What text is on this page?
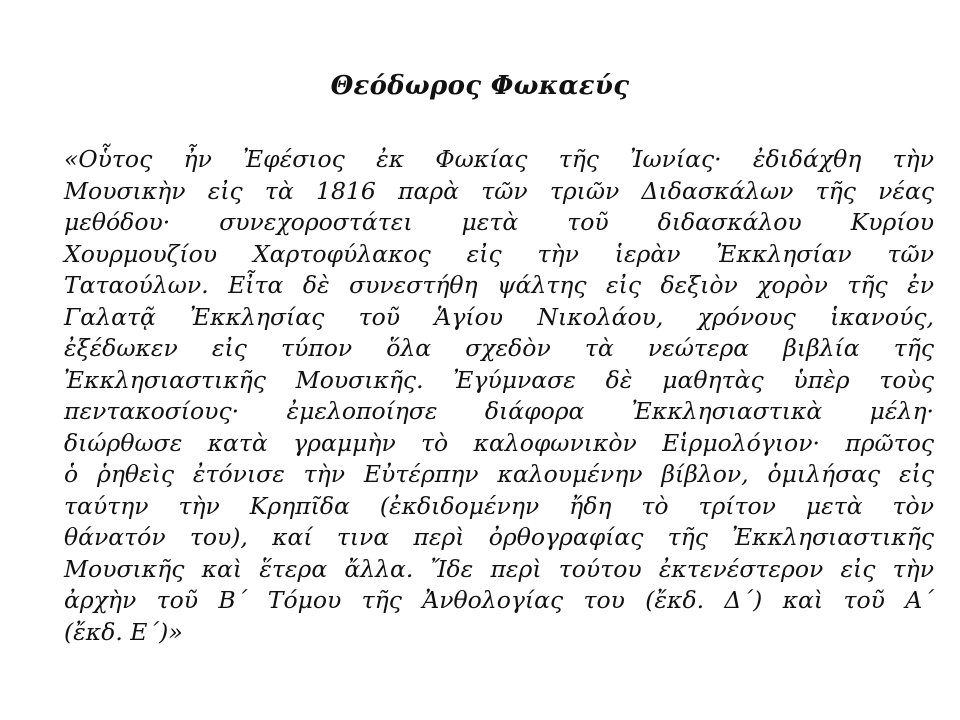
Θεόδωρος Φωκαεύς
«Οὗτος ἦν Ἐφέσιος ἐκ Φωκίας τῆς Ἰωνίας· ἐδιδάχθη τὴν
Μουσικὴν εἰς τὰ 1816 παρὰ τῶν τριῶν Διδασκάλων τῆς νέας
μεθόδου· συνεχοροστάτει μετὰ τοῦ διδασκάλου Κυρίου
Χουρμουζίου Χαρτοφύλακος εἰς τὴν ἱερὰν Ἐκκλησίαν τῶν
Ταταούλων. Εἶτα δὲ συνεστήθη ψάλτης εἰς δεξιὸν χορὸν τῆς ἐν
Γαλατᾷ Ἐκκλησίας τοῦ Ἁγίου Νικολάου, χρόνους ἱκανούς,
ἐξέδωκεν εἰς τύπον ὅλα σχεδὸν τὰ νεώτερα βιβλία τῆς
Ἐκκλησιαστικῆς Μουσικῆς. Ἐγύμνασε δὲ μαθητὰς ὑπὲρ τοὺς
πεντακοσίους· ἐμελοποίησε διάφορα Ἐκκλησιαστικὰ μέλη·
διώρθωσε κατὰ γραμμὴν τὸ καλοφωνικὸν Εἱρμολόγιον· πρῶτος
ὁ ῥηθεὶς ἐτόνισε τὴν Εὐτέρπην καλουμένην βίβλον, ὁμιλήσας εἰς
ταύτην τὴν Κρηπῖδα (ἐκδιδομένην ἤδη τὸ τρίτον μετὰ τὸν
θάνατόν του), καί τινα περὶ ὀρθογραφίας τῆς Ἐκκλησιαστικῆς
Μουσικῆς καὶ ἕτερα ἄλλα. Ἴδε περὶ τούτου ἐκτενέστερον εἰς τὴν
ἀρχὴν τοῦ Β΄ Τόμου τῆς Ἀνθολογίας του (ἔκδ. Δ΄) καὶ τοῦ Α΄
(ἔκδ. Ε΄)»
